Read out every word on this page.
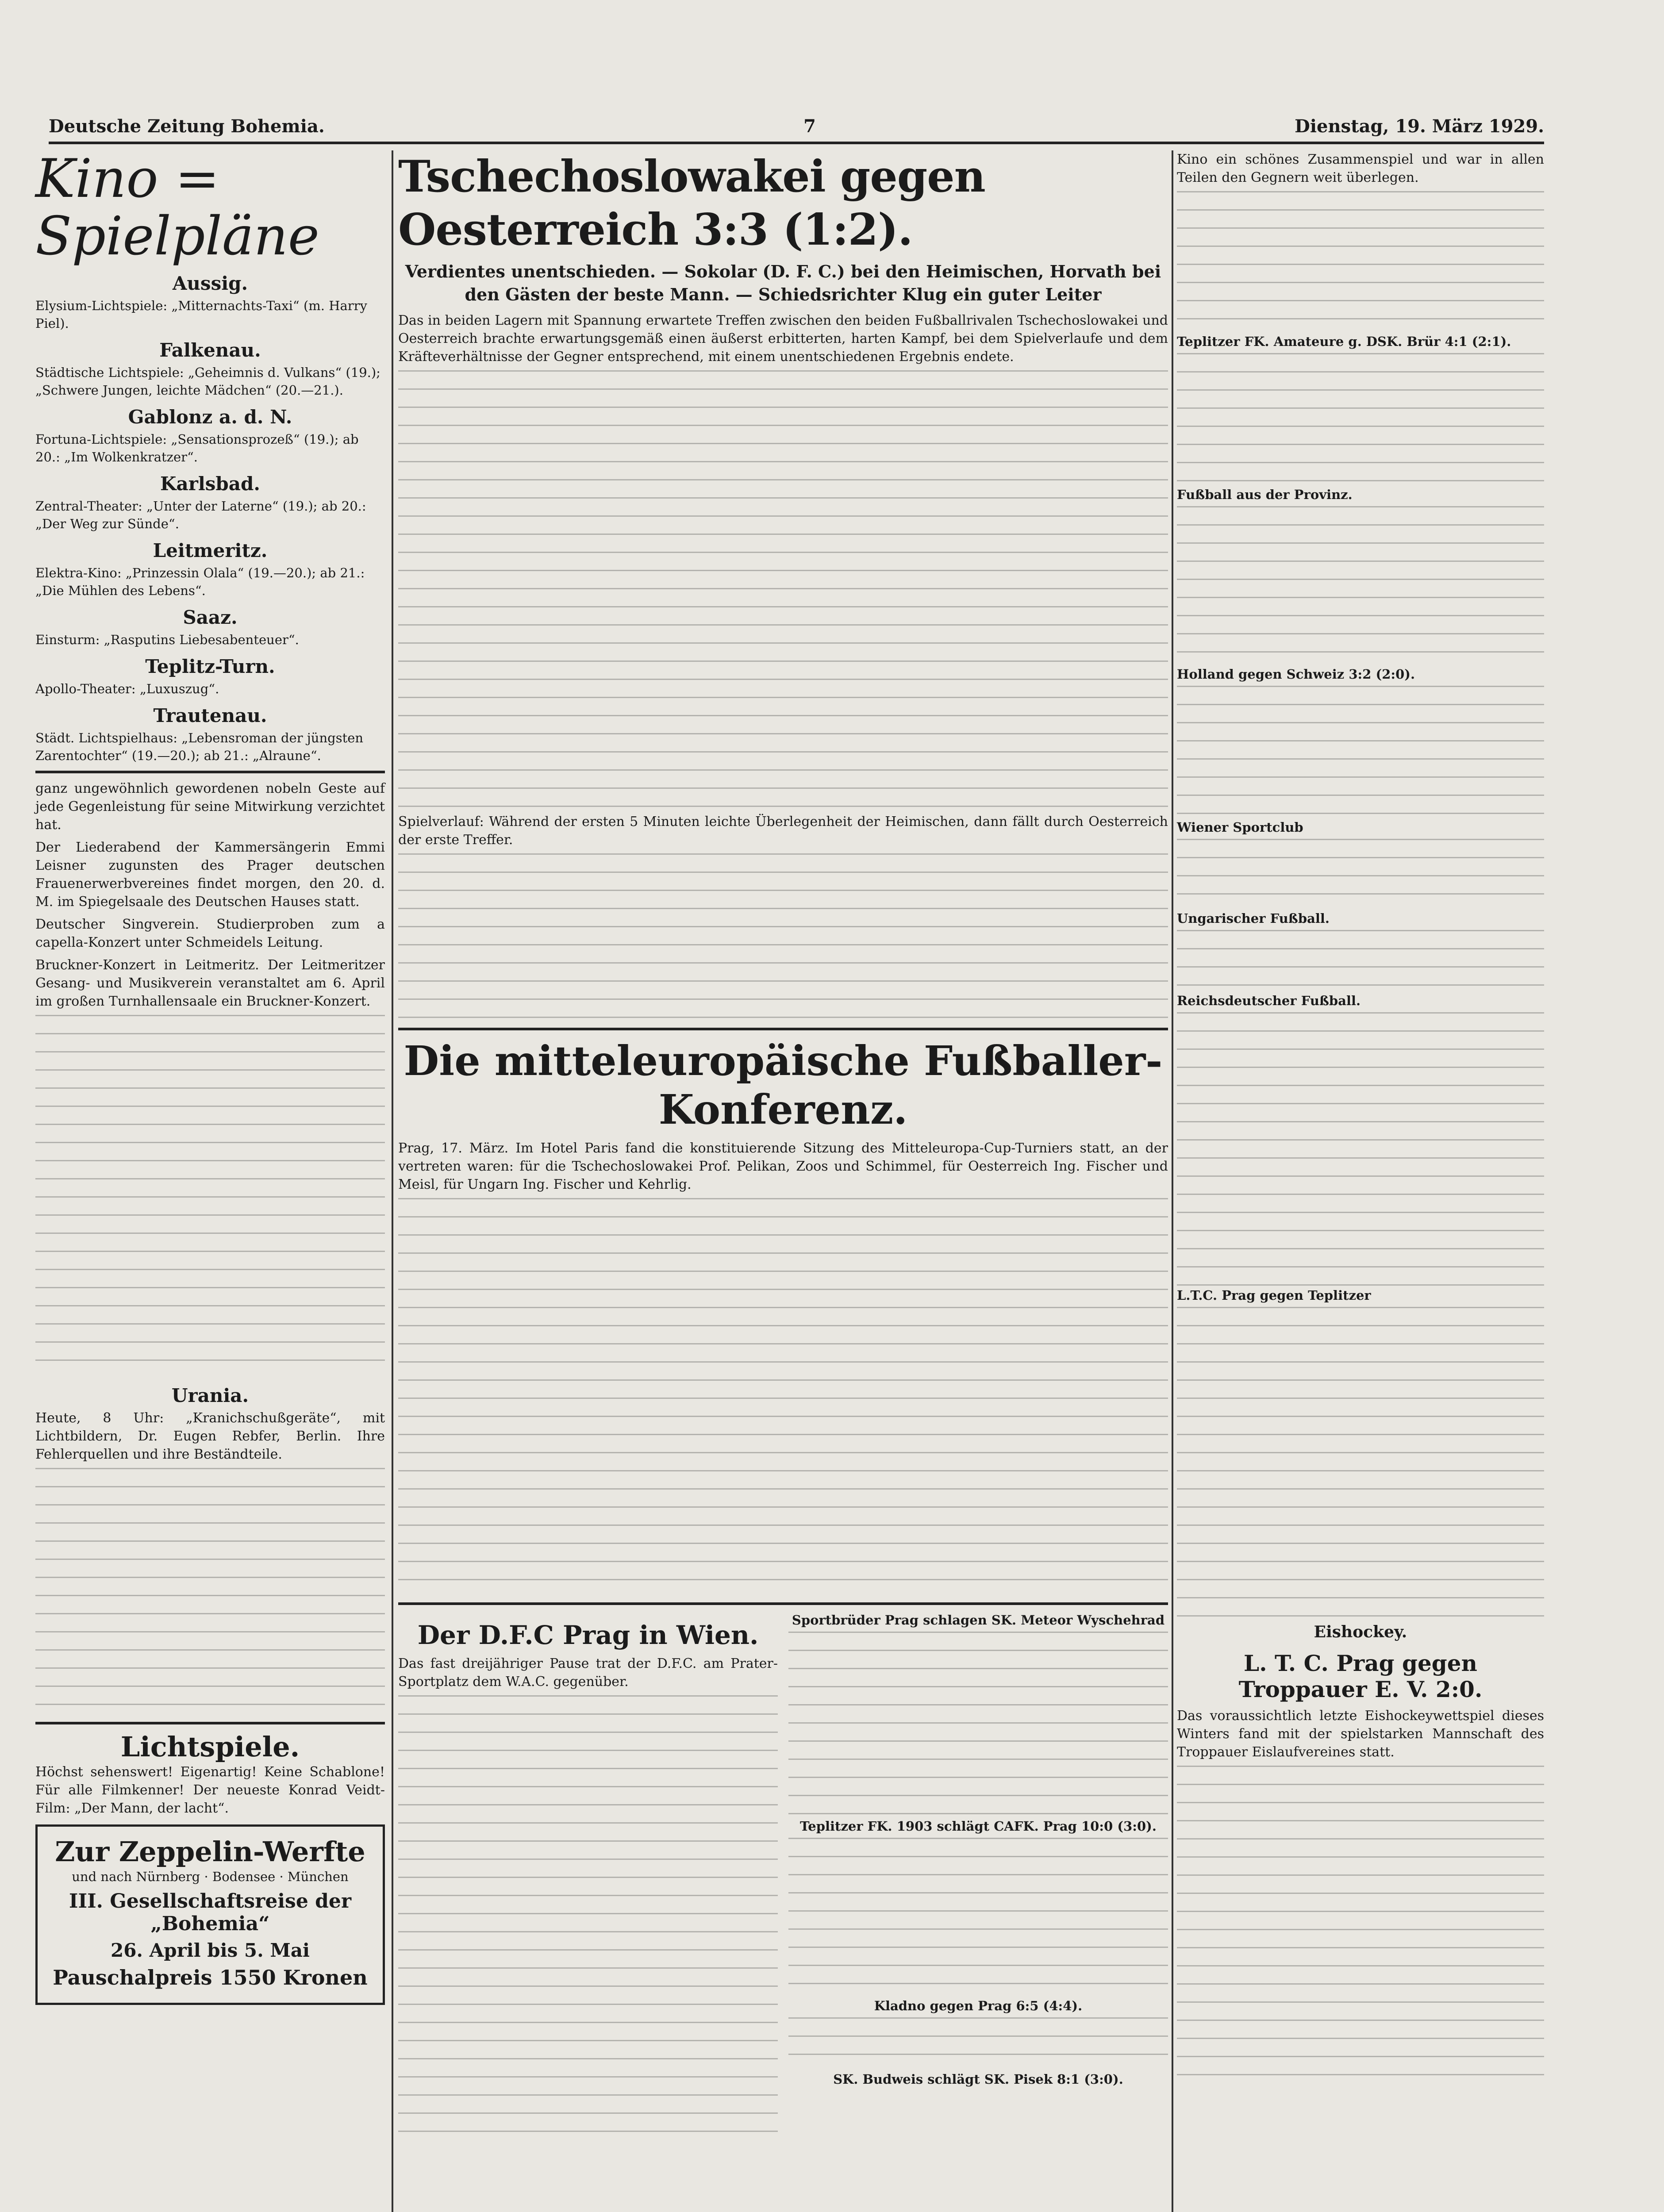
Deutsche Zeitung Bohemia.	7	Dienstag, 19. März 1929.
Kino = Spielpläne
Aussig.
Elysium-Lichtspiele: „Mitternachts-Taxi“ (m. Harry Piel).
Falkenau.
Städtische Lichtspiele: „Geheimnis d. Vulkans“ (19.); „Schwere Jungen, leichte Mädchen“ (20.—21.).
Gablonz a. d. N.
Fortuna-Lichtspiele: „Sensationsprozeß“ (19.); ab 20.: „Im Wolkenkratzer“.
Karlsbad.
Zentral-Theater: „Unter der Laterne“ (19.); ab 20.: „Der Weg zur Sünde“.
Leitmeritz.
Elektra-Kino: „Prinzessin Olala“ (19.—20.); ab 21.: „Die Mühlen des Lebens“.
Saaz.
Einsturm: „Rasputins Liebesabenteuer“.
Teplitz-Turn.
Apollo-Theater: „Luxuszug“.
Trautenau.
Städt. Lichtspielhaus: „Lebensroman der jüngsten Zarentochter“ (19.—20.); ab 21.: „Alraune“.

ganz ungewöhnlich gewordenen nobeln Geste auf jede Gegenleistung für seine Mitwirkung verzichtet hat.

Der Liederabend der Kammersängerin Emmi Leisner zugunsten des Prager deutschen Frauenerwerbvereines findet morgen, den 20. d. M. im Spiegelsaale des Deutschen Hauses statt.

Deutscher Singverein. Studierproben zum a capella-Konzert unter Schmeidels Leitung.

Bruckner-Konzert in Leitmeritz. Der Leitmeritzer Gesang- und Musikverein veranstaltet am 6. April im großen Turnhallensaale ein Bruckner-Konzert.

Urania.

Heute, 8 Uhr: „Kranichschußgeräte“, mit Lichtbildern, Dr. Eugen Rebfer, Berlin. Ihre Fehlerquellen und ihre Beständteile.

Lichtspiele.

Höchst sehenswert! Eigenartig! Keine Schablone! Für alle Filmkenner! Der neueste Konrad Veidt-Film: „Der Mann, der lacht“.

Zur Zeppelin-Werfte
und nach Nürnberg · Bodensee · München
III. Gesellschaftsreise der „Bohemia“
26. April bis 5. Mai
Pauschalpreis 1550 Kronen
Tschechoslowakei gegen Oesterreich 3:3 (1:2).
Verdientes unentschieden. — Sokolar (D. F. C.) bei den Heimischen, Horvath bei den Gästen der beste Mann. — Schiedsrichter Klug ein guter Leiter

Das in beiden Lagern mit Spannung erwartete Treffen zwischen den beiden Fußballrivalen Tschechoslowakei und Oesterreich brachte erwartungsgemäß einen äußerst erbitterten, harten Kampf, bei dem Spielverlaufe und dem Kräfteverhältnisse der Gegner entsprechend, mit einem unentschiedenen Ergebnis endete.

Spielverlauf: Während der ersten 5 Minuten leichte Überlegenheit der Heimischen, dann fällt durch Oesterreich der erste Treffer.

Die mitteleuropäische Fußballer-Konferenz.

Prag, 17. März. Im Hotel Paris fand die konstituierende Sitzung des Mitteleuropa-Cup-Turniers statt, an der vertreten waren: für die Tschechoslowakei Prof. Pelikan, Zoos und Schimmel, für Oesterreich Ing. Fischer und Meisl, für Ungarn Ing. Fischer und Kehrlig.

Der D.F.C Prag in Wien.

Das fast dreijähriger Pause trat der D.F.C. am Prater-Sportplatz dem W.A.C. gegenüber.

Sportbrüder Prag schlagen SK. Meteor Wyschehrad
Teplitzer FK. 1903 schlägt CAFK. Prag 10:0 (3:0).
Kladno gegen Prag 6:5 (4:4).
SK. Budweis schlägt SK. Pisek 8:1 (3:0).

Kino ein schönes Zusammenspiel und war in allen Teilen den Gegnern weit überlegen.

Teplitzer FK. Amateure g. DSK. Brür 4:1 (2:1).
Fußball aus der Provinz.
Holland gegen Schweiz 3:2 (2:0).
Wiener Sportclub
Ungarischer Fußball.
Reichsdeutscher Fußball.
L.T.C. Prag gegen Teplitzer
Eishockey.
L. T. C. Prag gegen Troppauer E. V. 2:0.

Das voraussichtlich letzte Eishockeywettspiel dieses Winters fand mit der spielstarken Mannschaft des Troppauer Eislaufvereines statt.
